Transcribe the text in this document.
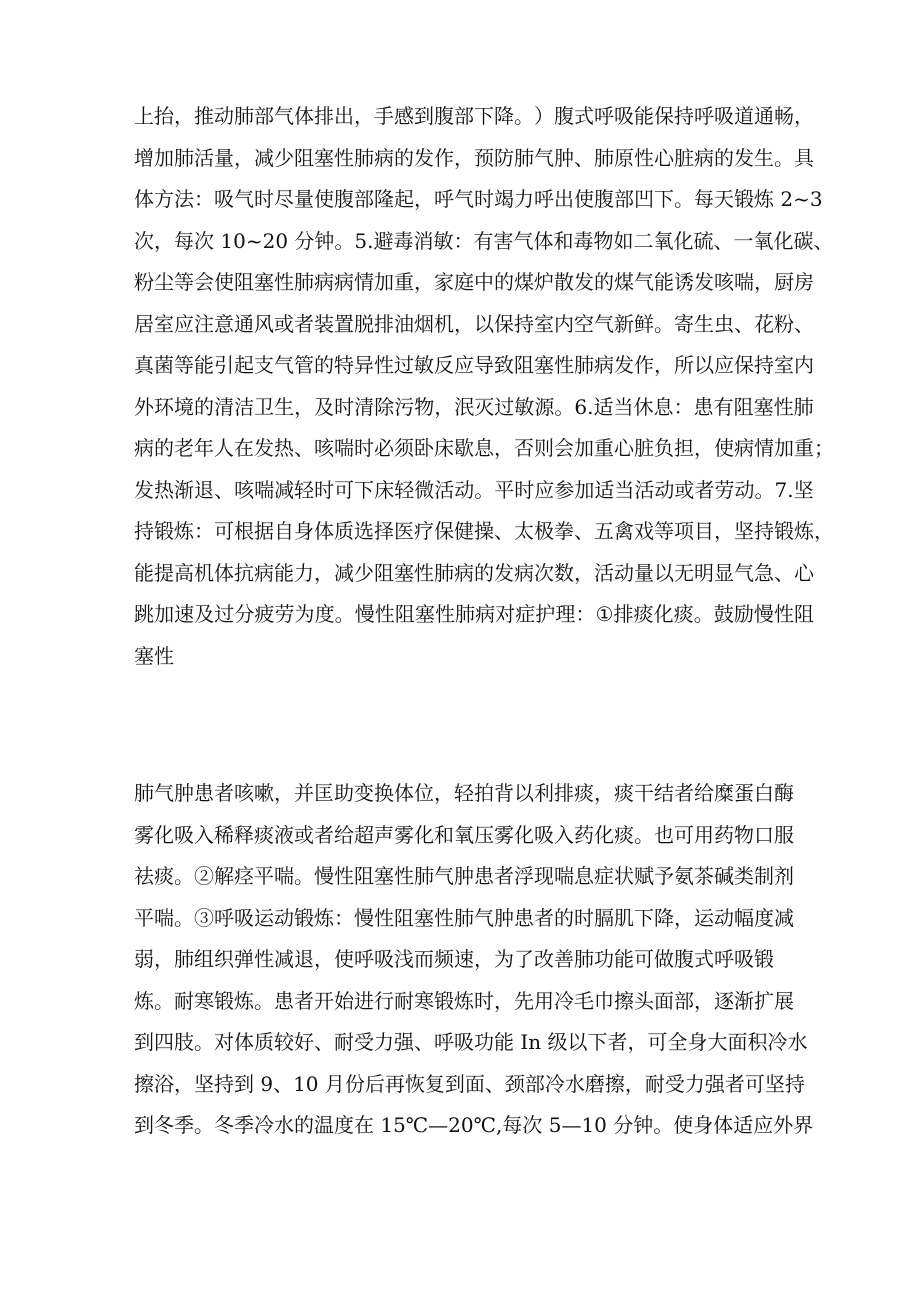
上 抬 ， 推 动 肺 部 气 体 排 出 ， 手 感 到 腹 部 下 降 。 ） 腹 式 呼 吸 能 保 持 呼 吸 道 通 畅 ，
增 加 肺 活 量 ， 减 少 阻 塞 性 肺 病 的 发 作 ， 预 防 肺 气 肿 、 肺 原 性 心 脏 病 的 发 生 。 具
体 方 法 ： 吸 气 时 尽 量 使 腹 部 隆 起 ， 呼 气 时 竭 力 呼 出 使 腹 部 凹 下 。 每 天 锻 炼
2 ~ 3
次 ， 每 次
1 0 ~ 2 0
分 钟 。 5 . 避 毒 消 敏 ： 有 害 气 体 和 毒 物 如 二 氧 化 硫 、 一 氧 化 碳 、
粉 尘 等 会 使 阻 塞 性 肺 病 病 情 加 重 ， 家 庭 中 的 煤 炉 散 发 的 煤 气 能 诱 发 咳 喘 ， 厨 房
居 室 应 注 意 通 风 或 者 装 置 脱 排 油 烟 机 ， 以 保 持 室 内 空 气 新 鲜 。 寄 生 虫 、 花 粉 、
真 菌 等 能 引 起 支 气 管 的 特 异 性 过 敏 反 应 导 致 阻 塞 性 肺 病 发 作 ， 所 以 应 保 持 室 内
外 环 境 的 清 洁 卫 生 ， 及 时 清 除 污 物 ， 泯 灭 过 敏 源 。 6 . 适 当 休 息 ： 患 有 阻 塞 性 肺
病 的 老 年 人 在 发 热 、 咳 喘 时 必 须 卧 床 歇 息 ， 否 则 会 加 重 心 脏 负 担 ， 使 病 情 加 重 ；
发 热 渐 退 、 咳 喘 减 轻 时 可 下 床 轻 微 活 动 。 平 时 应 参 加 适 当 活 动 或 者 劳 动 。 7 . 坚
持 锻 炼 ： 可 根 据 自 身 体 质 选 择 医 疗 保 健 操 、 太 极 拳 、 五 禽 戏 等 项 目 ， 坚 持 锻 炼 ，
能 提 高 机 体 抗 病 能 力 ， 减 少 阻 塞 性 肺 病 的 发 病 次 数 ， 活 动 量 以 无 明 显 气 急 、 心
跳 加 速 及 过 分 疲 劳 为 度 。 慢 性 阻 塞 性 肺 病 对 症 护 理 ： ① 排 痰 化 痰 。 鼓 励 慢 性 阻
塞性
肺气肿患者咳嗽，并匡助变换体位，轻拍背以利排痰，痰干结者给糜蛋白酶
雾化吸入稀释痰液或者给超声雾化和氧压雾化吸入药化痰。也可用药物口服
祛痰。②解痉平喘。慢性阻塞性肺气肿患者浮现喘息症状赋予氨茶碱类制剂
平喘。③呼吸运动锻炼：慢性阻塞性肺气肿患者的时膈肌下降，运动幅度减
弱，肺组织弹性减退，使呼吸浅而频速，为了改善肺功能可做腹式呼吸锻
炼。耐寒锻炼。患者开始进行耐寒锻炼时，先用冷毛巾擦头面部，逐渐扩展
到四肢。对体质较好、耐受力强、呼吸功能 In 级以下者，可全身大面积冷水
擦浴，坚持到 9、10 月份后再恢复到面、颈部冷水磨擦，耐受力强者可坚持
到冬季。冬季冷水的温度在 15℃—20℃,每次 5—10 分钟。使身体适应外界
